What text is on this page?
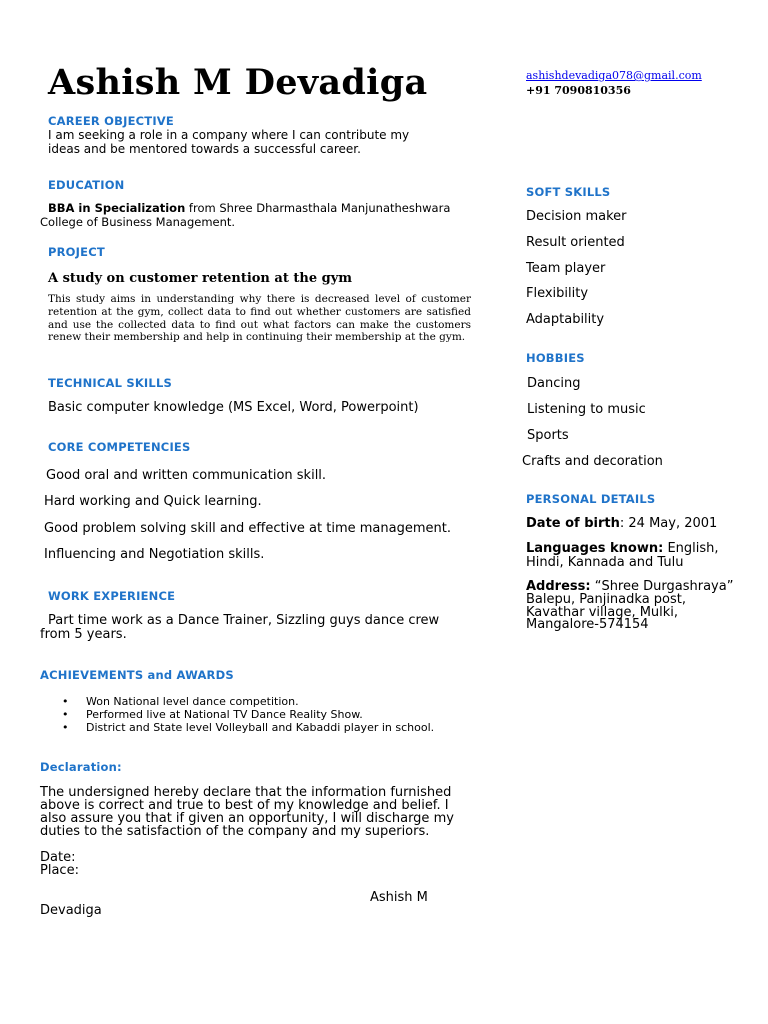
Ashish M Devadiga	ashishdevadiga078@gmail.com
+91 7090810356
CAREER OBJECTIVE
I am seeking a role in a company where I can contribute my
ideas and be mentored towards a successful career.
EDUCATION
BBA in Specialization from Shree Dharmasthala Manjunatheshwara
College of Business Management.
PROJECT
A study on customer retention at the gym
This study aims in understanding why there is decreased level of customer retention at the gym, collect data to find out whether customers are satisfied and use the collected data to find out what factors can make the customers renew their membership and help in continuing their membership at the gym.
TECHNICAL SKILLS
Basic computer knowledge (MS Excel, Word, Powerpoint)
CORE COMPETENCIES
Good oral and written communication skill.
Hard working and Quick learning.
Good problem solving skill and effective at time management.
Influencing and Negotiation skills.
WORK EXPERIENCE
Part time work as a Dance Trainer, Sizzling guys dance crew
from 5 years.
ACHIEVEMENTS and AWARDS
• Won National level dance competition.
• Performed live at National TV Dance Reality Show.
• District and State level Volleyball and Kabaddi player in school.
Declaration:
The undersigned hereby declare that the information furnished
above is correct and true to best of my knowledge and belief. I
also assure you that if given an opportunity, I will discharge my
duties to the satisfaction of the company and my superiors.
Date:
Place:
Ashish M
Devadiga
SOFT SKILLS
Decision maker
Result oriented
Team player
Flexibility
Adaptability
HOBBIES
Dancing
Listening to music
Sports
Crafts and decoration
PERSONAL DETAILS
Date of birth: 24 May, 2001
Languages known: English,
Hindi, Kannada and Tulu
Address: “Shree Durgashraya”
Balepu, Panjinadka post,
Kavathar village, Mulki,
Mangalore-574154
